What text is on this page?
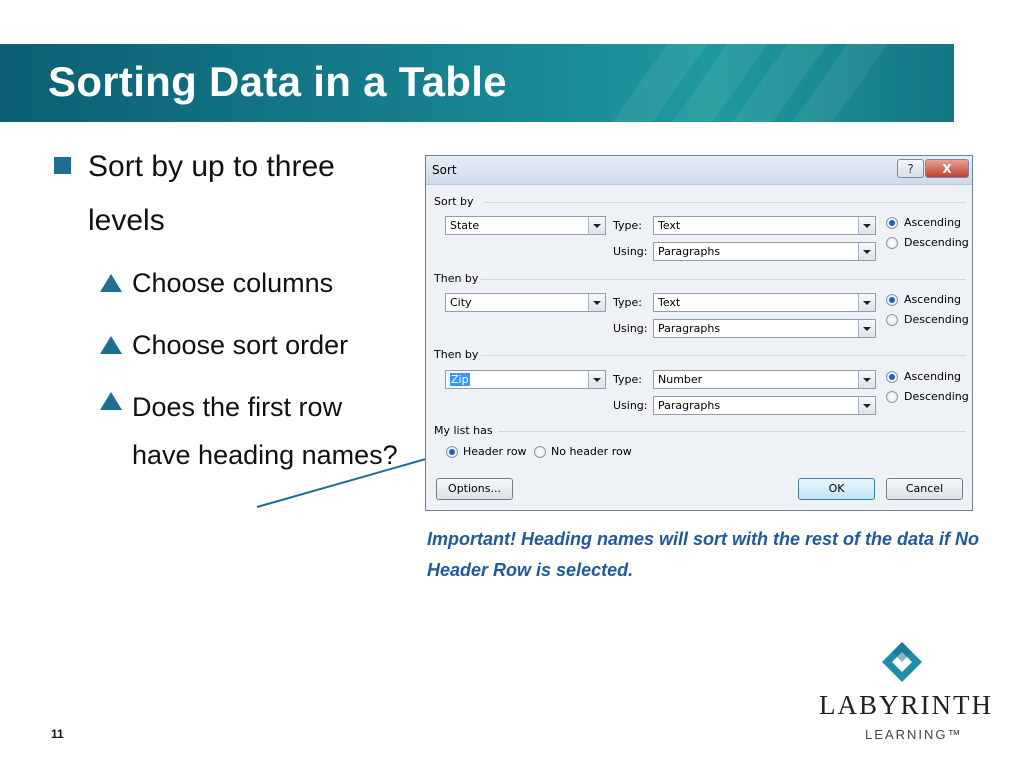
Sorting Data in a Table
Sort by up to three levels
Choose columns
Choose sort order
Does the first row have heading names?
Sort	?	X
Sort by
State	Type:	Text
Using: Paragraphs
Ascending
Descending
Then by
City	Type:	Text
Using: Paragraphs
Ascending
Descending
Then by
Zip	Type:	Number
Using: Paragraphs
Ascending
Descending
My list has
Header row No header row
Options...	OK	Cancel
Important! Heading names will sort with the rest of the data if No Header Row is selected.
11
LABYRINTH
LEARNING™
